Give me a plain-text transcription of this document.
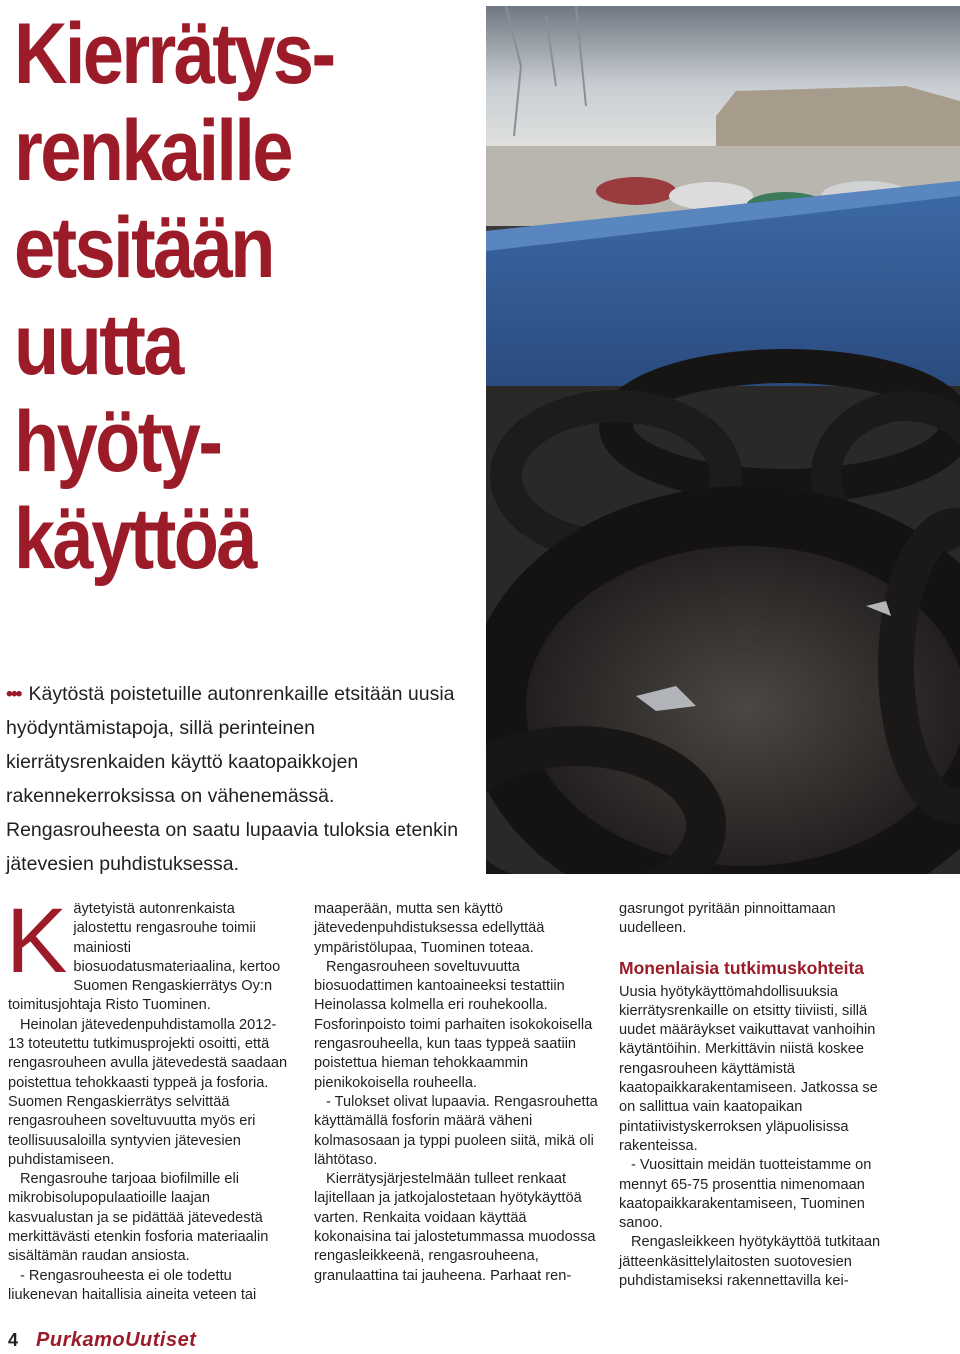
Kierrätys-
renkaille
etsitään
uutta
hyöty-
käyttöä

••• Käytöstä poistetuille autonrenkaille etsitään uusia hyödyntämistapoja, sillä perinteinen kierrätysrenkaiden käyttö kaatopaikkojen rakennekerroksissa on vähenemässä. Rengasrouheesta on saatu lupaavia tuloksia etenkin jätevesien puhdistuksessa.

Käytetyistä autonrenkaista jalostettu rengasrouhe toimii mainiosti biosuodatusmateriaalina, kertoo Suomen Rengaskierrätys Oy:n toimitusjohtaja Risto Tuominen.

Heinolan jätevedenpuhdistamolla 2012-13 toteutettu tutkimusprojekti osoitti, että rengasrouheen avulla jätevedestä saadaan poistettua tehokkaasti typpeä ja fosforia. Suomen Rengaskierrätys selvittää rengasrouheen soveltuvuutta myös eri teollisuusaloilla syntyvien jätevesien puhdistamiseen.

Rengasrouhe tarjoaa biofilmille eli mikrobisolupopulaatioille laajan kasvualustan ja se pidättää jätevedestä merkittävästi etenkin fosforia materiaalin sisältämän raudan ansiosta.

- Rengasrouheesta ei ole todettu liukenevan haitallisia aineita veteen tai

maaperään, mutta sen käyttö jätevedenpuhdistuksessa edellyttää ympäristölupaa, Tuominen toteaa.

Rengasrouheen soveltuvuutta biosuodattimen kantoaineeksi testattiin Heinolassa kolmella eri rouhekoolla. Fosforinpoisto toimi parhaiten isokokoisella rengasrouheella, kun taas typpeä saatiin poistettua hieman tehokkaammin pienikokoisella rouheella.

- Tulokset olivat lupaavia. Rengasrouhetta käyttämällä fosforin määrä väheni kolmasosaan ja typpi puoleen siitä, mikä oli lähtötaso.

Kierrätysjärjestelmään tulleet renkaat lajitellaan ja jatkojalostetaan hyötykäyttöä varten. Renkaita voidaan käyttää kokonaisina tai jalostetummassa muodossa rengasleikkeenä, rengasrouheena, granulaattina tai jauheena. Parhaat ren-

gasrungot pyritään pinnoittamaan uudelleen.

Monenlaisia tutkimuskohteita

Uusia hyötykäyttömahdollisuuksia kierrätysrenkaille on etsitty tiiviisti, sillä uudet määräykset vaikuttavat vanhoihin käytäntöihin. Merkittävin niistä koskee rengasrouheen käyttämistä kaatopaikkarakentamiseen. Jatkossa se on sallittua vain kaatopaikan pintatiivistyskerroksen yläpuolisissa rakenteissa.

- Vuosittain meidän tuotteistamme on mennyt 65-75 prosenttia nimenomaan kaatopaikkarakentamiseen, Tuominen sanoo.

Rengasleikkeen hyötykäyttöä tutkitaan jätteenkäsittelylaitosten suotovesien puhdistamiseksi rakennettavilla kei-

4 PurkamoUutiset
